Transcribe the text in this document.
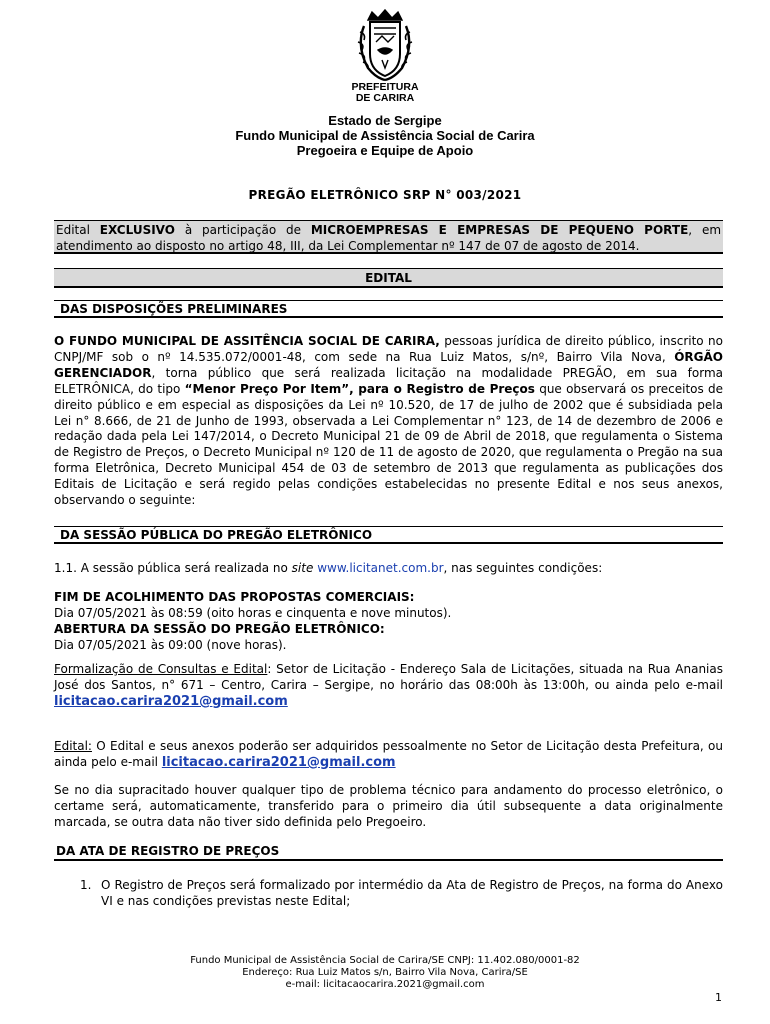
PREFEITURA
DE CARIRA
Estado de Sergipe
Fundo Municipal de Assistência Social de Carira
Pregoeira e Equipe de Apoio
PREGÃO ELETRÔNICO SRP N° 003/2021
Edital EXCLUSIVO à participação de MICROEMPRESAS E EMPRESAS DE PEQUENO PORTE, em atendimento ao disposto no artigo 48, III, da Lei Complementar nº 147 de 07 de agosto de 2014.
EDITAL
DAS DISPOSIÇÕES PRELIMINARES

O FUNDO MUNICIPAL DE ASSITÊNCIA SOCIAL DE CARIRA, pessoas jurídica de direito público, inscrito no CNPJ/MF sob o nº 14.535.072/0001-48, com sede na Rua Luiz Matos, s/nº, Bairro Vila Nova, ÓRGÃO GERENCIADOR, torna público que será realizada licitação na modalidade PREGÃO, em sua forma ELETRÔNICA, do tipo “Menor Preço Por Item”, para o Registro de Preços que observará os preceitos de direito público e em especial as disposições da Lei nº 10.520, de 17 de julho de 2002 que é subsidiada pela Lei n° 8.666, de 21 de Junho de 1993, observada a Lei Complementar n° 123, de 14 de dezembro de 2006 e redação dada pela Lei 147/2014, o Decreto Municipal 21 de 09 de Abril de 2018, que regulamenta o Sistema de Registro de Preços, o Decreto Municipal nº 120 de 11 de agosto de 2020, que regulamenta o Pregão na sua forma Eletrônica, Decreto Municipal 454 de 03 de setembro de 2013 que regulamenta as publicações dos Editais de Licitação e será regido pelas condições estabelecidas no presente Edital e nos seus anexos, observando o seguinte:

DA SESSÃO PÚBLICA DO PREGÃO ELETRÔNICO

1.1. A sessão pública será realizada no site www.licitanet.com.br, nas seguintes condições:

FIM DE ACOLHIMENTO DAS PROPOSTAS COMERCIAIS:
Dia 07/05/2021 às 08:59 (oito horas e cinquenta e nove minutos).
ABERTURA DA SESSÃO DO PREGÃO ELETRÔNICO:
Dia 07/05/2021 às 09:00 (nove horas).

Formalização de Consultas e Edital: Setor de Licitação - Endereço Sala de Licitações, situada na Rua Ananias José dos Santos, n° 671 – Centro, Carira – Sergipe, no horário das 08:00h às 13:00h, ou ainda pelo e-mail licitacao.carira2021@gmail.com

Edital: O Edital e seus anexos poderão ser adquiridos pessoalmente no Setor de Licitação desta Prefeitura, ou ainda pelo e-mail licitacao.carira2021@gmail.com

Se no dia supracitado houver qualquer tipo de problema técnico para andamento do processo eletrônico, o certame será, automaticamente, transferido para o primeiro dia útil subsequente a data originalmente marcada, se outra data não tiver sido definida pelo Pregoeiro.

DA ATA DE REGISTRO DE PREÇOS
1. O Registro de Preços será formalizado por intermédio da Ata de Registro de Preços, na forma do Anexo VI e nas condições previstas neste Edital;
Fundo Municipal de Assistência Social de Carira/SE CNPJ: 11.402.080/0001-82
Endereço: Rua Luiz Matos s/n, Bairro Vila Nova, Carira/SE
e-mail: licitacaocarira.2021@gmail.com
1
